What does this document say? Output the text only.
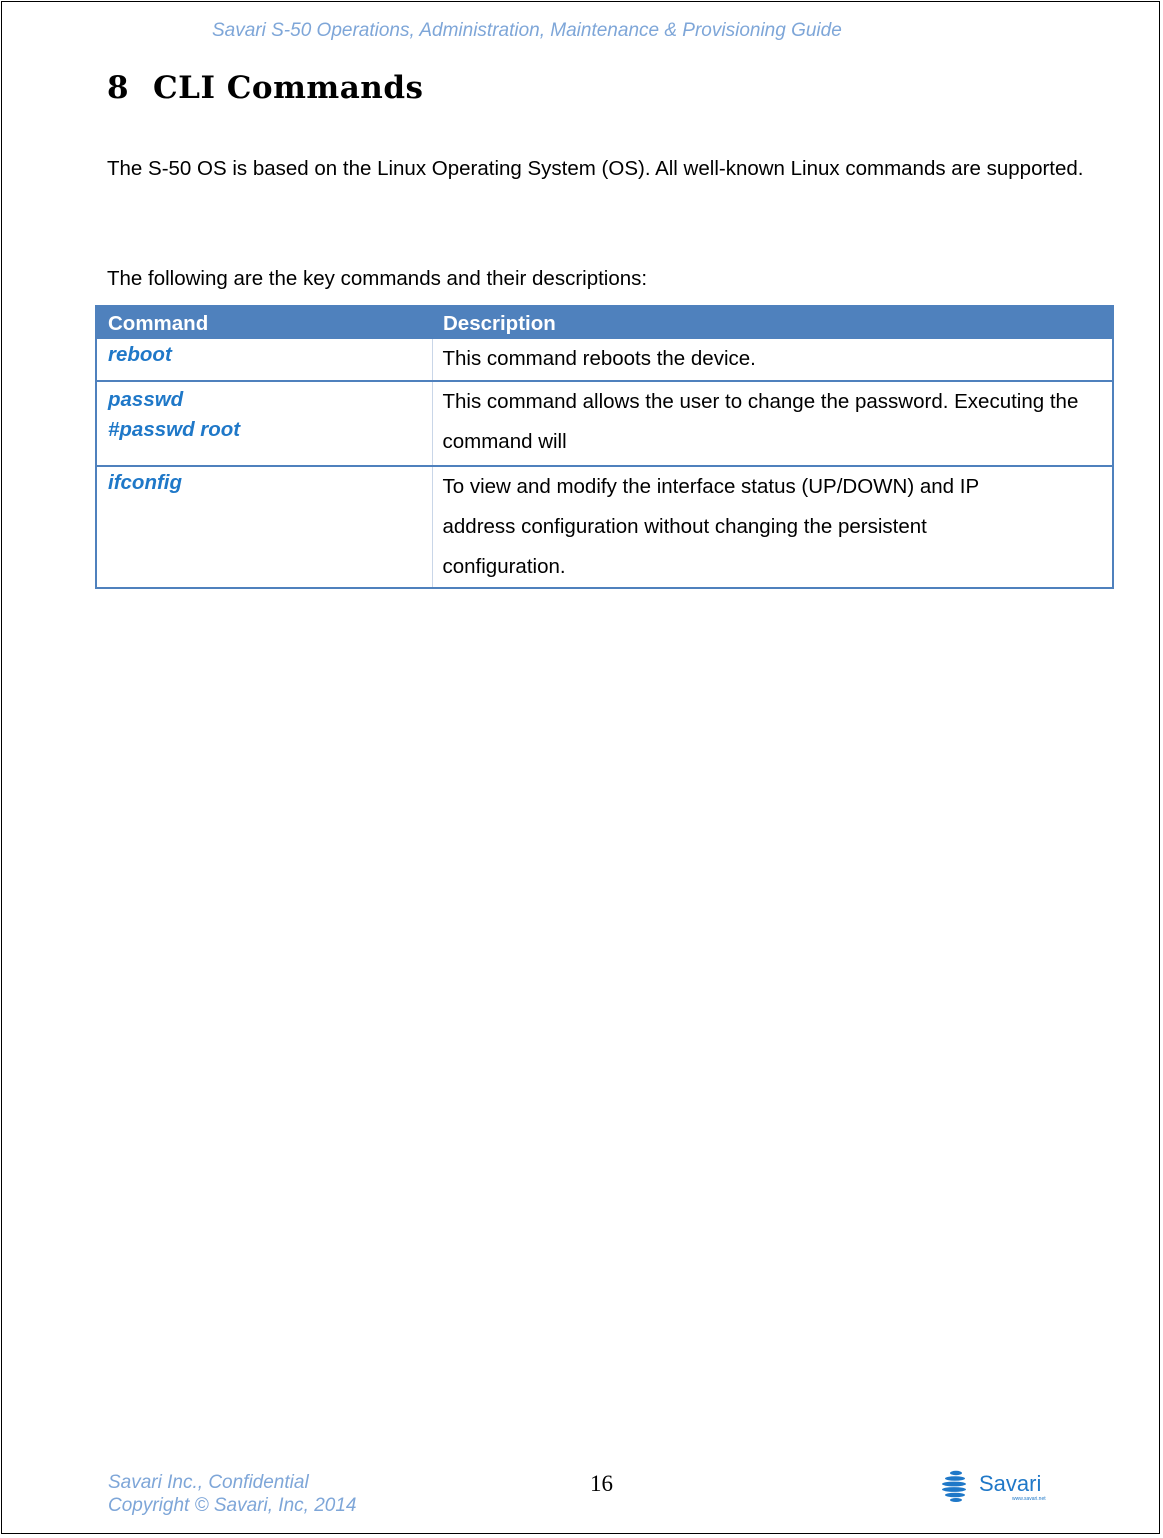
Savari S-50 Operations, Administration, Maintenance & Provisioning Guide
8 CLI Commands

The S-50 OS is based on the Linux Operating System (OS). All well-known Linux commands are supported.

The following are the key commands and their descriptions:

Command	Description

reboot	This command reboots the device.

passwd
#passwd root	This command allows the user to change the password. Executing the command will

ifconfig	To view and modify the interface status (UP/DOWN) and IP address configuration without changing the persistent configuration.
Savari Inc., Confidential
Copyright © Savari, Inc, 2014
16	Savari
www.savari.net
